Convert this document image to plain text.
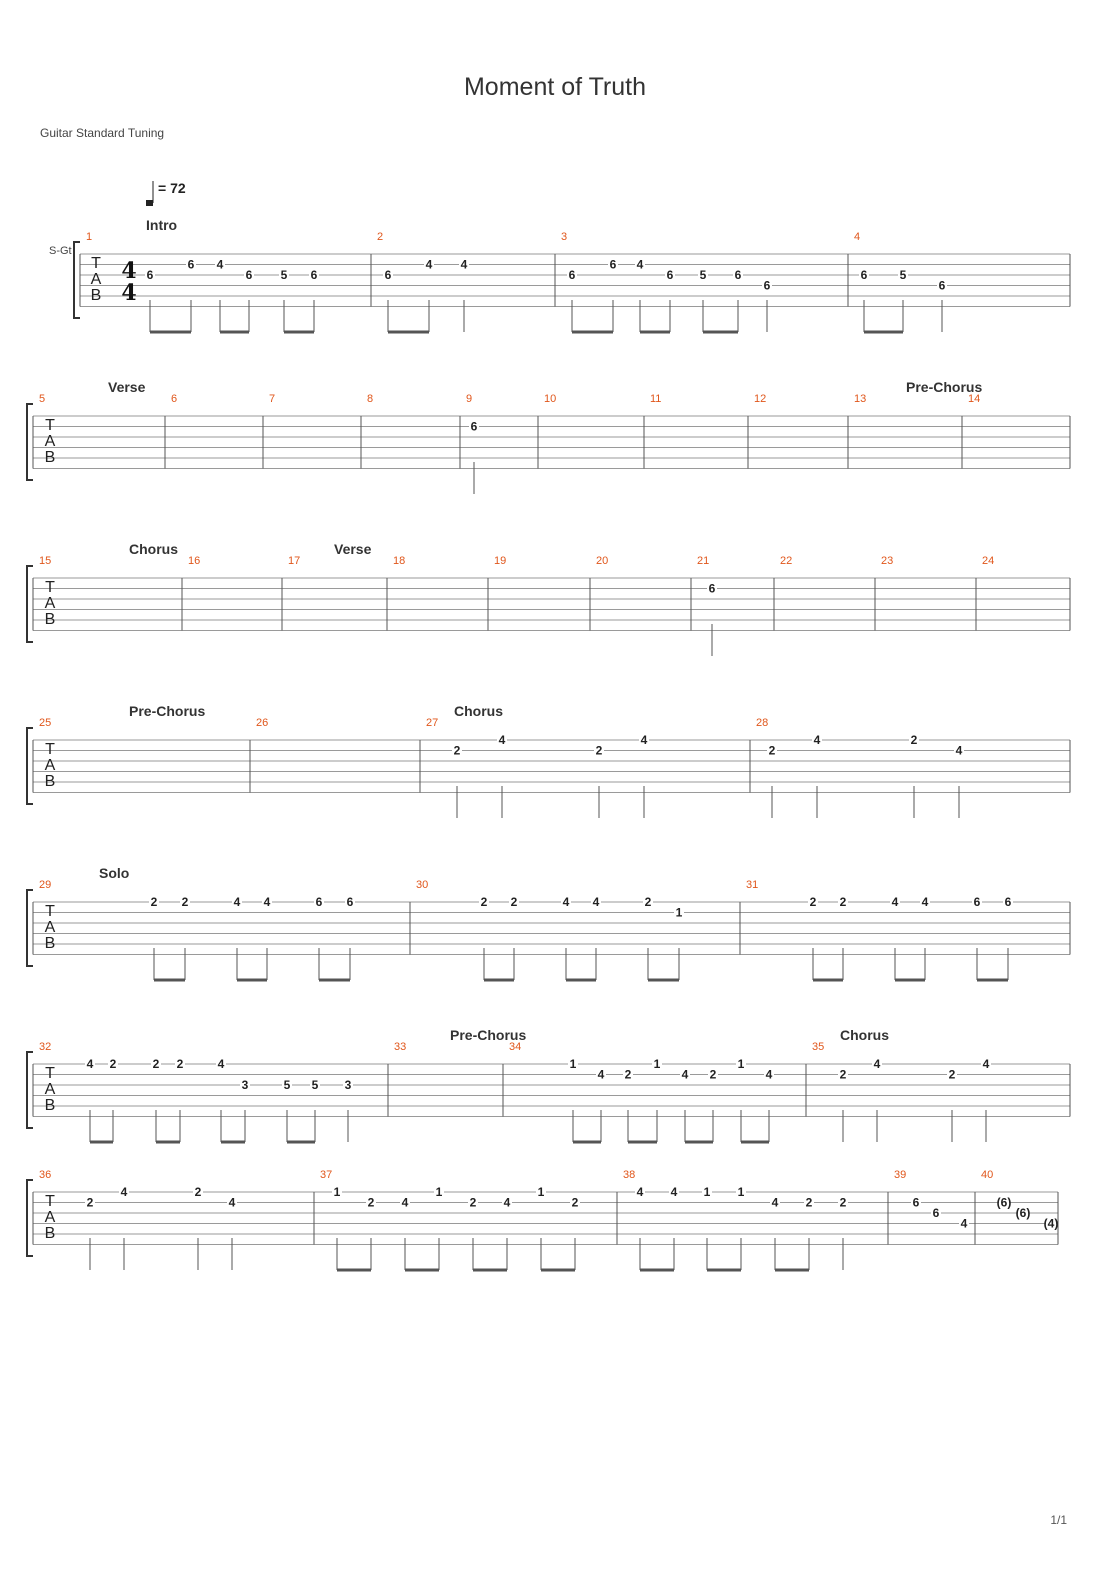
Moment of Truth
Guitar Standard Tuning
1/1
Intro
T
A
B
1
6
6 4
6 5 6
2
6
4 4
3
6
6 4
6 5 6
6
4
6	5
6
Verse	Pre-Chorus
T
A
B
5	6	7	8	9
6
10	11	12	13	14
Chorus	Verse
T
A
B
15	16	17	18	19	20	21
6
22	23	24
Pre-Chorus	Chorus
T
A
B
25	26	27
2
4
2
4
28
2
4	2
4
Solo
T
A
B
29
2 2	4 4	6 6
30
2 2	4 4	2
1
31
2 2	4 4	6 6
Pre-Chorus	Chorus
T
A
B
32
4 2	2 2	4
3	5 5 3
33	34
1
4 2
1
4 2
1
4
35
2
4
2
4
T
A
B
36
2
4	2
4
37
1
2 4
1
2 4
1
2
38
4 4 1 1
4 2 2
39
6
6
4
40
(6)
(6)
(4)
4
4
S-Gt
= 72
